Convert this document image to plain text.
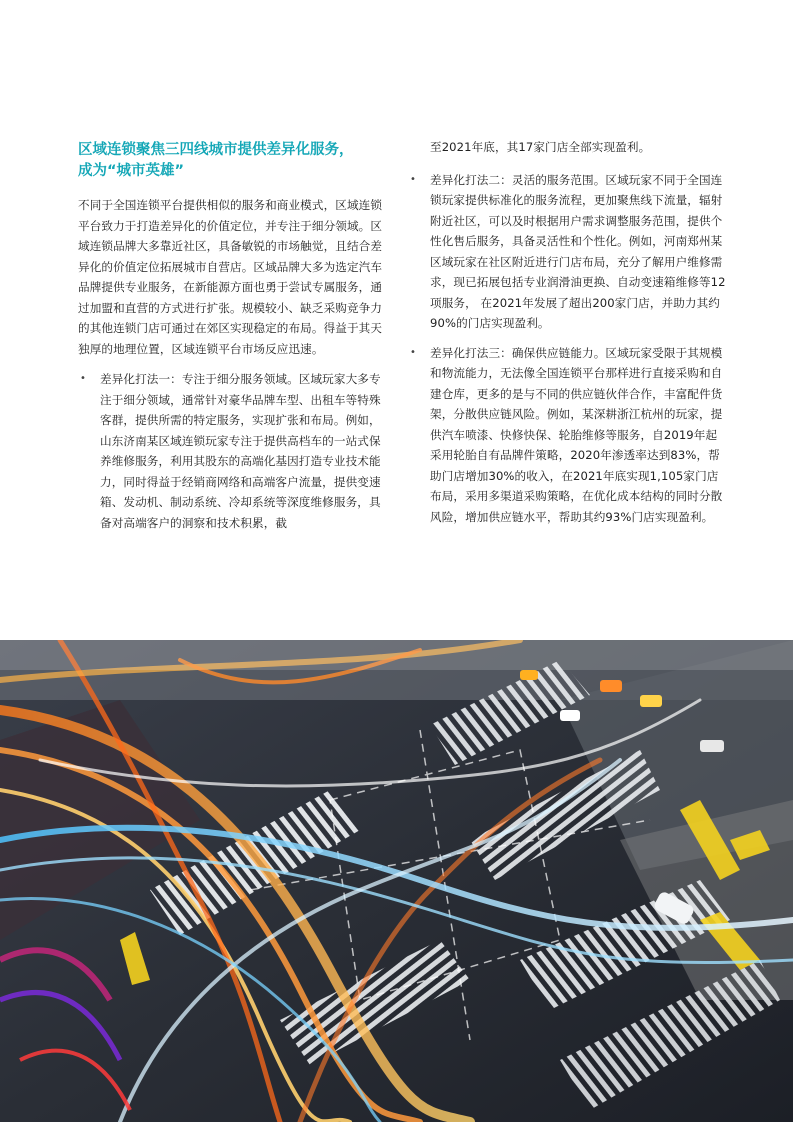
区域连锁聚焦三四线城市提供差异化服务，
成为“城市英雄”

不同于全国连锁平台提供相似的服务和商业模式，区域连锁平台致力于打造差异化的价值定位，并专注于细分领域。区域连锁品牌大多靠近社区，具备敏锐的市场触觉，且结合差异化的价值定位拓展城市自营店。区域品牌大多为选定汽车品牌提供专业服务，在新能源方面也勇于尝试专属服务，通过加盟和直营的方式进行扩张。规模较小、缺乏采购竞争力的其他连锁门店可通过在郊区实现稳定的布局。得益于其天独厚的地理位置，区域连锁平台市场反应迅速。

• 差异化打法一：专注于细分服务领域。区域玩家大多专注于细分领域，通常针对豪华品牌车型、出租车等特殊客群，提供所需的特定服务，实现扩张和布局。例如，山东济南某区域连锁玩家专注于提供高档车的一站式保养维修服务，利用其股东的高端化基因打造专业技术能力，同时得益于经销商网络和高端客户流量，提供变速箱、发动机、制动系统、冷却系统等深度维修服务，具备对高端客户的洞察和技术积累，截
至2021年底，其17家门店全部实现盈利。
• 差异化打法二：灵活的服务范围。区域玩家不同于全国连锁玩家提供标准化的服务流程，更加聚焦线下流量，辐射附近社区，可以及时根据用户需求调整服务范围，提供个性化售后服务，具备灵活性和个性化。例如，河南郑州某区域玩家在社区附近进行门店布局，充分了解用户维修需求，现已拓展包括专业润滑油更换、自动变速箱维修等12项服务， 在2021年发展了超出200家门店，并助力其约90%的门店实现盈利。
• 差异化打法三：确保供应链能力。区域玩家受限于其规模和物流能力，无法像全国连锁平台那样进行直接采购和自建仓库，更多的是与不同的供应链伙伴合作，丰富配件货架，分散供应链风险。例如，某深耕浙江杭州的玩家，提供汽车喷漆、快修快保、轮胎维修等服务，自2019年起采用轮胎自有品牌件策略，2020年渗透率达到83%，帮助门店增加30%的收入，在2021年底实现1,105家门店布局，采用多渠道采购策略，在优化成本结构的同时分散风险，增加供应链水平，帮助其约93%门店实现盈利。
